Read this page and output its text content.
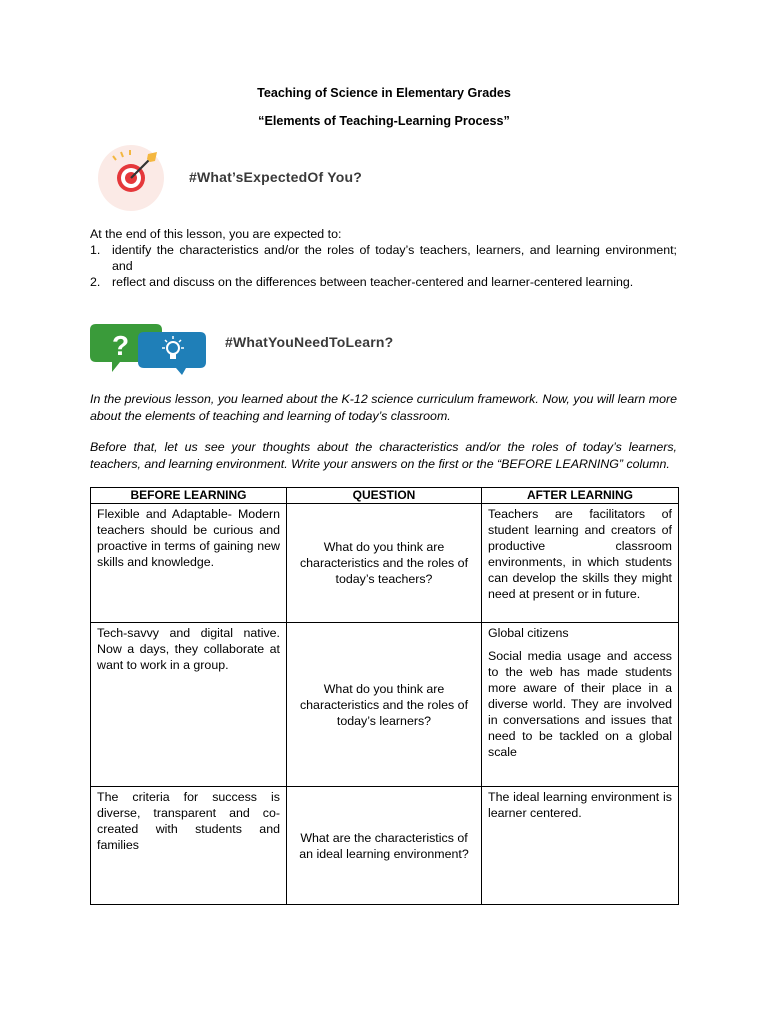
Teaching of Science in Elementary Grades
“Elements of Teaching-Learning Process”
#What’sExpectedOf You?
At the end of this lesson, you are expected to:
1. identify the characteristics and/or the roles of today’s teachers, learners, and learning environment; and
2. reflect and discuss on the differences between teacher-centered and learner-centered learning.
?	#WhatYouNeedToLearn?
In the previous lesson, you learned about the K-12 science curriculum framework. Now, you will learn more about the elements of teaching and learning of today’s classroom.
Before that, let us see your thoughts about the characteristics and/or the roles of today’s learners, teachers, and learning environment. Write your answers on the first or the “BEFORE LEARNING” column.
BEFORE LEARNING	QUESTION	AFTER LEARNING

Flexible and Adaptable- Modern teachers should be curious and proactive in terms of gaining new skills and knowledge.	What do you think are characteristics and the roles of today’s teachers?	Teachers are facilitators of student learning and creators of productive classroom environments, in which students can develop the skills they might need at present or in future.

Tech-savvy and digital native. Now a days, they collaborate at want to work in a group.	What do you think are characteristics and the roles of today’s learners?	Global citizens

Social media usage and access to the web has made students more aware of their place in a diverse world. They are involved in conversations and issues that need to be tackled on a global scale

The criteria for success is diverse, transparent and co-created with students and families	What are the characteristics of an ideal learning environment?	The ideal learning environment is learner centered.
